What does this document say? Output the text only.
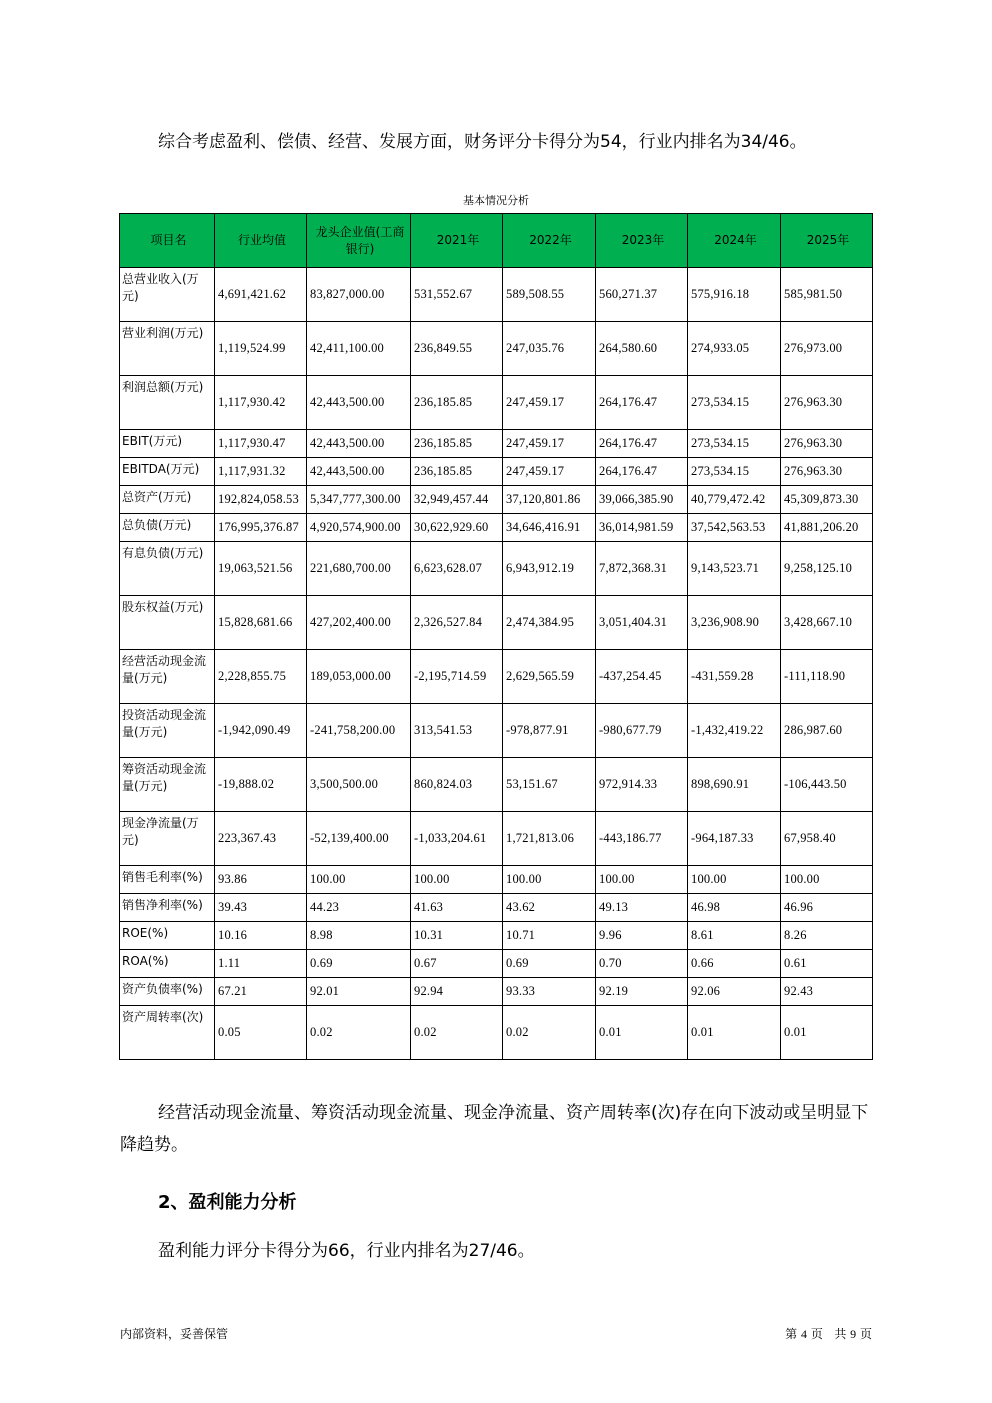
综合考虑盈利、偿债、经营、发展方面，财务评分卡得分为54，行业内排名为34/46。
基本情况分析
项目名	行业均值	龙头企业值(工商银行)	2021年	2022年	2023年	2024年	2025年
总营业收入(万元)	4,691,421.62	83,827,000.00	531,552.67	589,508.55	560,271.37	575,916.18	585,981.50
营业利润(万元)	1,119,524.99	42,411,100.00	236,849.55	247,035.76	264,580.60	274,933.05	276,973.00
利润总额(万元)	1,117,930.42	42,443,500.00	236,185.85	247,459.17	264,176.47	273,534.15	276,963.30
EBIT(万元)	1,117,930.47	42,443,500.00	236,185.85	247,459.17	264,176.47	273,534.15	276,963.30
EBITDA(万元)	1,117,931.32	42,443,500.00	236,185.85	247,459.17	264,176.47	273,534.15	276,963.30
总资产(万元)	192,824,058.53	5,347,777,300.00	32,949,457.44	37,120,801.86	39,066,385.90	40,779,472.42	45,309,873.30
总负债(万元)	176,995,376.87	4,920,574,900.00	30,622,929.60	34,646,416.91	36,014,981.59	37,542,563.53	41,881,206.20
有息负债(万元)	19,063,521.56	221,680,700.00	6,623,628.07	6,943,912.19	7,872,368.31	9,143,523.71	9,258,125.10
股东权益(万元)	15,828,681.66	427,202,400.00	2,326,527.84	2,474,384.95	3,051,404.31	3,236,908.90	3,428,667.10
经营活动现金流量(万元)	2,228,855.75	189,053,000.00	-2,195,714.59	2,629,565.59	-437,254.45	-431,559.28	-111,118.90
投资活动现金流量(万元)	-1,942,090.49	-241,758,200.00	313,541.53	-978,877.91	-980,677.79	-1,432,419.22	286,987.60
筹资活动现金流量(万元)	-19,888.02	3,500,500.00	860,824.03	53,151.67	972,914.33	898,690.91	-106,443.50
现金净流量(万元)	223,367.43	-52,139,400.00	-1,033,204.61	1,721,813.06	-443,186.77	-964,187.33	67,958.40
销售毛利率(%)	93.86	100.00	100.00	100.00	100.00	100.00	100.00
销售净利率(%)	39.43	44.23	41.63	43.62	49.13	46.98	46.96
ROE(%)	10.16	8.98	10.31	10.71	9.96	8.61	8.26
ROA(%)	1.11	0.69	0.67	0.69	0.70	0.66	0.61
资产负债率(%)	67.21	92.01	92.94	93.33	92.19	92.06	92.43
资产周转率(次)	0.05	0.02	0.02	0.02	0.01	0.01	0.01
经营活动现金流量、筹资活动现金流量、现金净流量、资产周转率(次)存在向下波动或呈明显下降趋势。
2、盈利能力分析
盈利能力评分卡得分为66，行业内排名为27/46。
内部资料，妥善保管	第 4 页 共 9 页
